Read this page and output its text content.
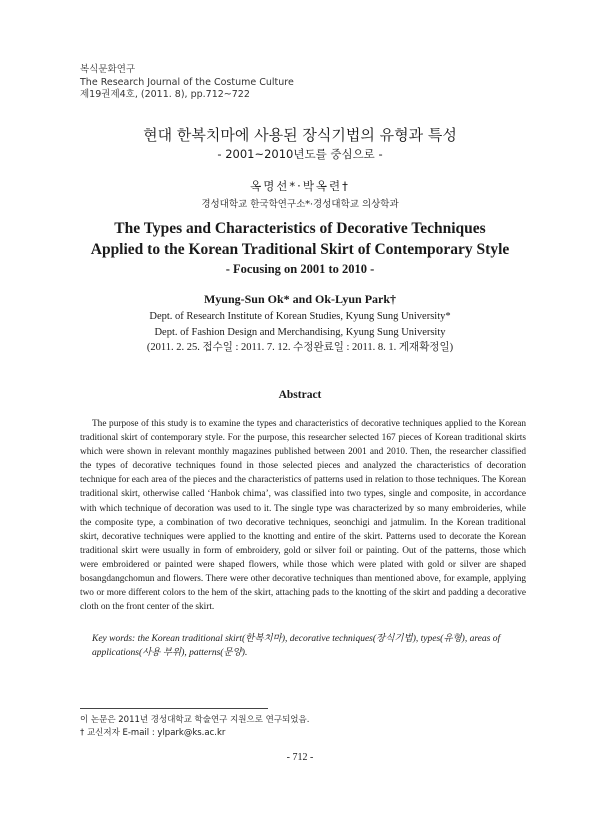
복식문화연구
The Research Journal of the Costume Culture
제19권제4호, (2011. 8), pp.712~722
현대 한복치마에 사용된 장식기법의 유형과 특성
- 2001~2010년도를 중심으로 -
옥명선*·박옥련†
경성대학교 한국학연구소*·경성대학교 의상학과
The Types and Characteristics of Decorative Techniques
Applied to the Korean Traditional Skirt of Contemporary Style
- Focusing on 2001 to 2010 -
Myung-Sun Ok* and Ok-Lyun Park†
Dept. of Research Institute of Korean Studies, Kyung Sung University*
Dept. of Fashion Design and Merchandising, Kyung Sung University
(2011. 2. 25. 접수일 : 2011. 7. 12. 수정완료일 : 2011. 8. 1. 게재확정일)
Abstract

The purpose of this study is to examine the types and characteristics of decorative techniques applied to the Korean traditional skirt of contemporary style. For the purpose, this researcher selected 167 pieces of Korean traditional skirts which were shown in relevant monthly magazines published between 2001 and 2010. Then, the researcher classified the types of decorative techniques found in those selected pieces and analyzed the characteristics of decoration technique for each area of the pieces and the characteristics of patterns used in relation to those techniques. The Korean traditional skirt, otherwise called ‘Hanbok chima’, was classified into two types, single and composite, in accordance with which technique of decoration was used to it. The single type was characterized by so many embroideries, while the composite type, a combination of two decorative techniques, seonchigi and jatmulim. In the Korean traditional skirt, decorative techniques were applied to the knotting and entire of the skirt. Patterns used to decorate the Korean traditional skirt were usually in form of embroidery, gold or silver foil or painting. Out of the patterns, those which were embroidered or painted were shaped flowers, while those which were plated with gold or silver are shaped bosangdangchomun and flowers. There were other decorative techniques than mentioned above, for example, applying two or more different colors to the hem of the skirt, attaching pads to the knotting of the skirt and padding a decorative cloth on the front center of the skirt.

Key words: the Korean traditional skirt(한복치마), decorative techniques(장식기법), types(유형), areas of applications(사용 부위), patterns(문양).
이 논문은 2011년 경성대학교 학술연구 지원으로 연구되었음.
† 교신저자 E-mail : ylpark@ks.ac.kr
- 712 -
